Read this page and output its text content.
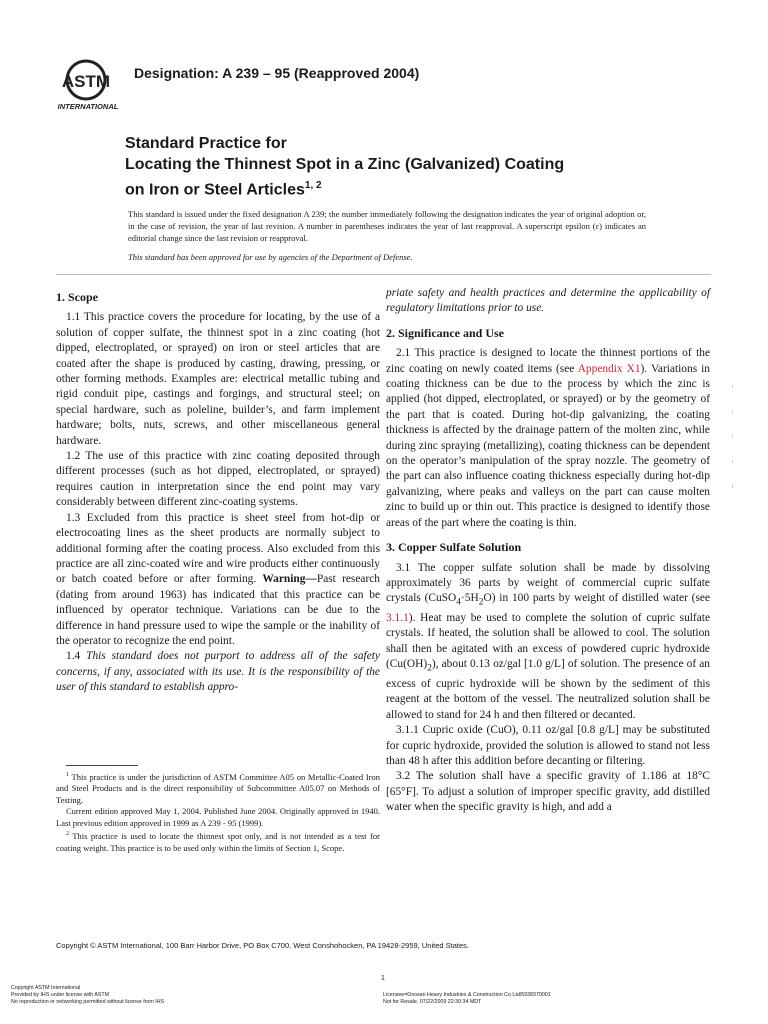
ASTM
INTERNATIONAL
Designation: A 239 – 95 (Reapproved 2004)
Standard Practice for
Locating the Thinnest Spot in a Zinc (Galvanized) Coating
on Iron or Steel Articles$^{1, 2}$
This standard is issued under the fixed designation A 239; the number immediately following the designation indicates the year of original adoption or, in the case of revision, the year of last revision. A number in parentheses indicates the year of last reapproval. A superscript epsilon (ε) indicates an editorial change since the last revision or reapproval.
This standard has been approved for use by agencies of the Department of Defense.
1. Scope

1.1 This practice covers the procedure for locating, by the use of a solution of copper sulfate, the thinnest spot in a zinc coating (hot dipped, electroplated, or sprayed) on iron or steel articles that are coated after the shape is produced by casting, drawing, pressing, or other forming methods. Examples are: electrical metallic tubing and rigid conduit pipe, castings and forgings, and structural steel; on special hardware, such as poleline, builder’s, and farm implement hardware; bolts, nuts, screws, and other miscellaneous general hardware.

1.2 The use of this practice with zinc coating deposited through different processes (such as hot dipped, electroplated, or sprayed) requires caution in interpretation since the end point may vary considerably between different zinc-coating systems.

1.3 Excluded from this practice is sheet steel from hot-dip or electrocoating lines as the sheet products are normally subject to additional forming after the coating process. Also excluded from this practice are all zinc-coated wire and wire products either continuously or batch coated before or after forming. Warning—Past research (dating from around 1963) has indicated that this practice can be influenced by operator technique. Variations can be due to the difference in hand pressure used to wipe the sample or the inability of the operator to recognize the end point.

1.4 This standard does not purport to address all of the safety concerns, if any, associated with its use. It is the responsibility of the user of this standard to establish appro-

priate safety and health practices and determine the applicability of regulatory limitations prior to use.

2. Significance and Use

2.1 This practice is designed to locate the thinnest portions of the zinc coating on newly coated items (see Appendix X1). Variations in coating thickness can be due to the process by which the zinc is applied (hot dipped, electroplated, or sprayed) or by the geometry of the part that is coated. During hot-dip galvanizing, the coating thickness is affected by the drainage pattern of the molten zinc, while during zinc spraying (metallizing), coating thickness can be dependent on the operator’s manipulation of the spray nozzle. The geometry of the part can also influence coating thickness especially during hot-dip galvanizing, where peaks and valleys on the part can cause molten zinc to build up or thin out. This practice is designed to identify those areas of the part where the coating is thin.

3. Copper Sulfate Solution

3.1 The copper sulfate solution shall be made by dissolving approximately 36 parts by weight of commercial cupric sulfate crystals $(CuSO_4\cdot 5H_2O)$ in 100 parts by weight of distilled water (see 3.1.1). Heat may be used to complete the solution of cupric sulfate crystals. If heated, the solution shall be allowed to cool. The solution shall then be agitated with an excess of powdered cupric hydroxide $(Cu(OH)_2)$, about 0.13 oz/gal [1.0 g/L] of solution. The presence of an excess of cupric hydroxide will be shown by the sediment of this reagent at the bottom of the vessel. The neutralized solution shall be allowed to stand for 24 h and then filtered or decanted.

3.1.1 Cupric oxide (CuO), 0.11 oz/gal [0.8 g/L] may be substituted for cupric hydroxide, provided the solution is allowed to stand not less than 48 h after this addition before decanting or filtering.

3.2 The solution shall have a specific gravity of 1.186 at 18°C [65°F]. To adjust a solution of improper specific gravity, add distilled water when the specific gravity is high, and add a

$^1$ This practice is under the jurisdiction of ASTM Committee A05 on Metallic-Coated Iron and Steel Products and is the direct responsibility of Subcommittee A05.07 on Methods of Testing.

Current edition approved May 1, 2004. Published June 2004. Originally approved in 1940. Last previous edition approved in 1999 as A 239 - 95 (1999).

$^2$ This practice is used to locate the thinnest spot only, and is not intended as a test for coating weight. This practice is to be used only within the limits of Section 1, Scope.

Copyright © ASTM International, 100 Barr Harbor Drive, PO Box C700, West Conshohocken, PA 19428-2959, United States.
1
Copyright ASTM International
Provided by IHS under license with ASTM
No reproduction or networking permitted without license from IHS
Licensee=Doosan Heavy Industries & Construction Co Ltd/5938370001
Not for Resale, 07/22/2009 22:30:34 MDT
